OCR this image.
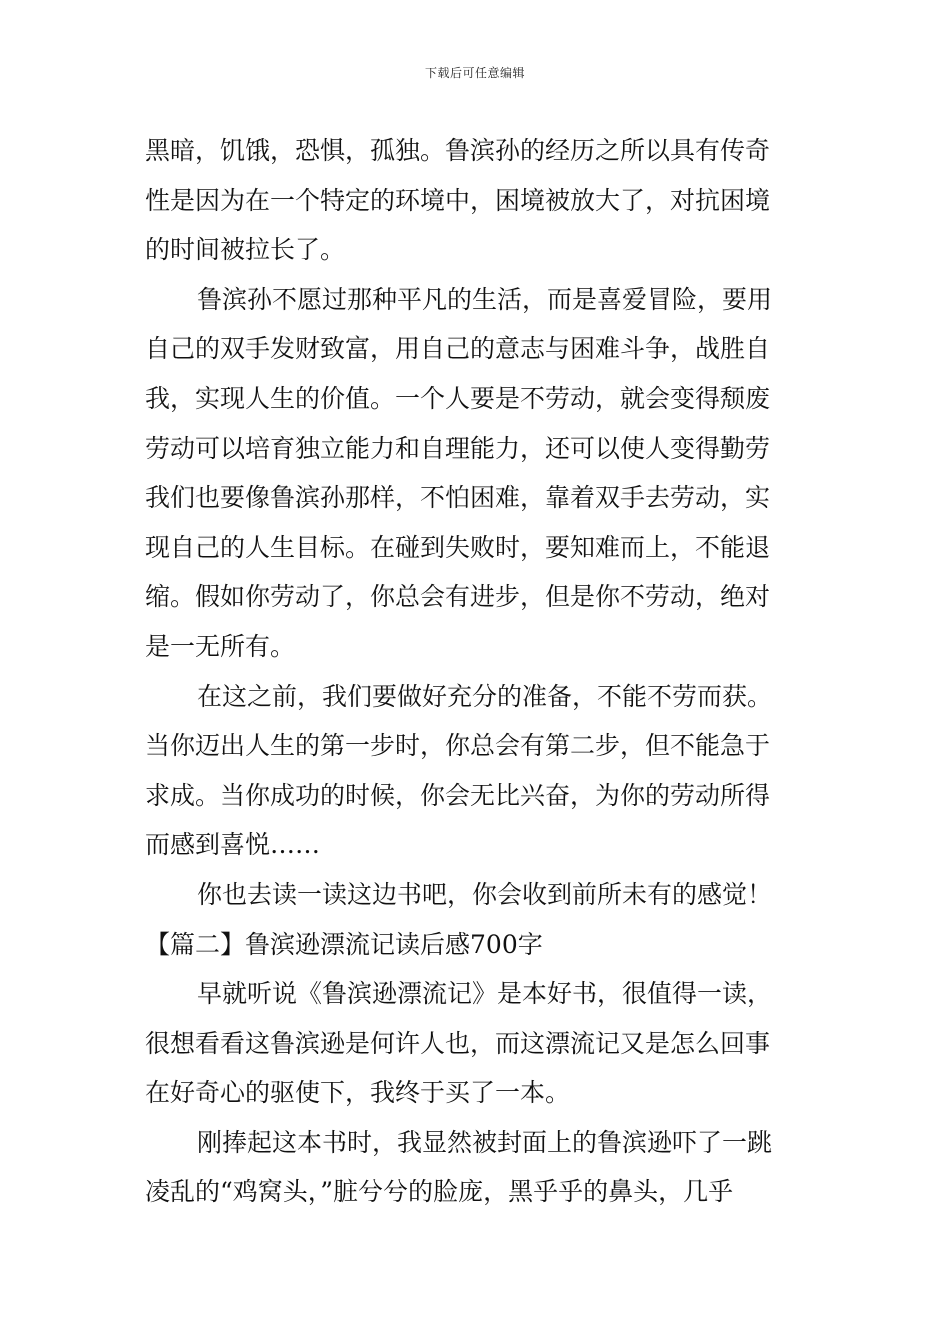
下载后可任意编辑
黑暗，饥饿，恐惧，孤独。鲁滨孙的经历之所以具有传奇
性是因为在一个特定的环境中，困境被放大了，对抗困境
的时间被拉长了。
鲁滨孙不愿过那种平凡的生活，而是喜爱冒险，要用
自己的双手发财致富，用自己的意志与困难斗争，战胜自
我，实现人生的价值。一个人要是不劳动，就会变得颓废
劳动可以培育独立能力和自理能力，还可以使人变得勤劳
我们也要像鲁滨孙那样，不怕困难，靠着双手去劳动，实
现自己的人生目标。在碰到失败时，要知难而上，不能退
缩。假如你劳动了，你总会有进步，但是你不劳动，绝对
是一无所有。
在这之前，我们要做好充分的准备，不能不劳而获。
当你迈出人生的第一步时，你总会有第二步，但不能急于
求成。当你成功的时候，你会无比兴奋，为你的劳动所得
而感到喜悦……
你也去读一读这边书吧，你会收到前所未有的感觉！
【篇二】鲁滨逊漂流记读后感700字
早就听说《鲁滨逊漂流记》是本好书，很值得一读，
很想看看这鲁滨逊是何许人也，而这漂流记又是怎么回事
在好奇心的驱使下，我终于买了一本。
刚捧起这本书时，我显然被封面上的鲁滨逊吓了一跳
凌乱的“鸡窝头，”脏兮兮的脸庞，黑乎乎的鼻头，几乎
